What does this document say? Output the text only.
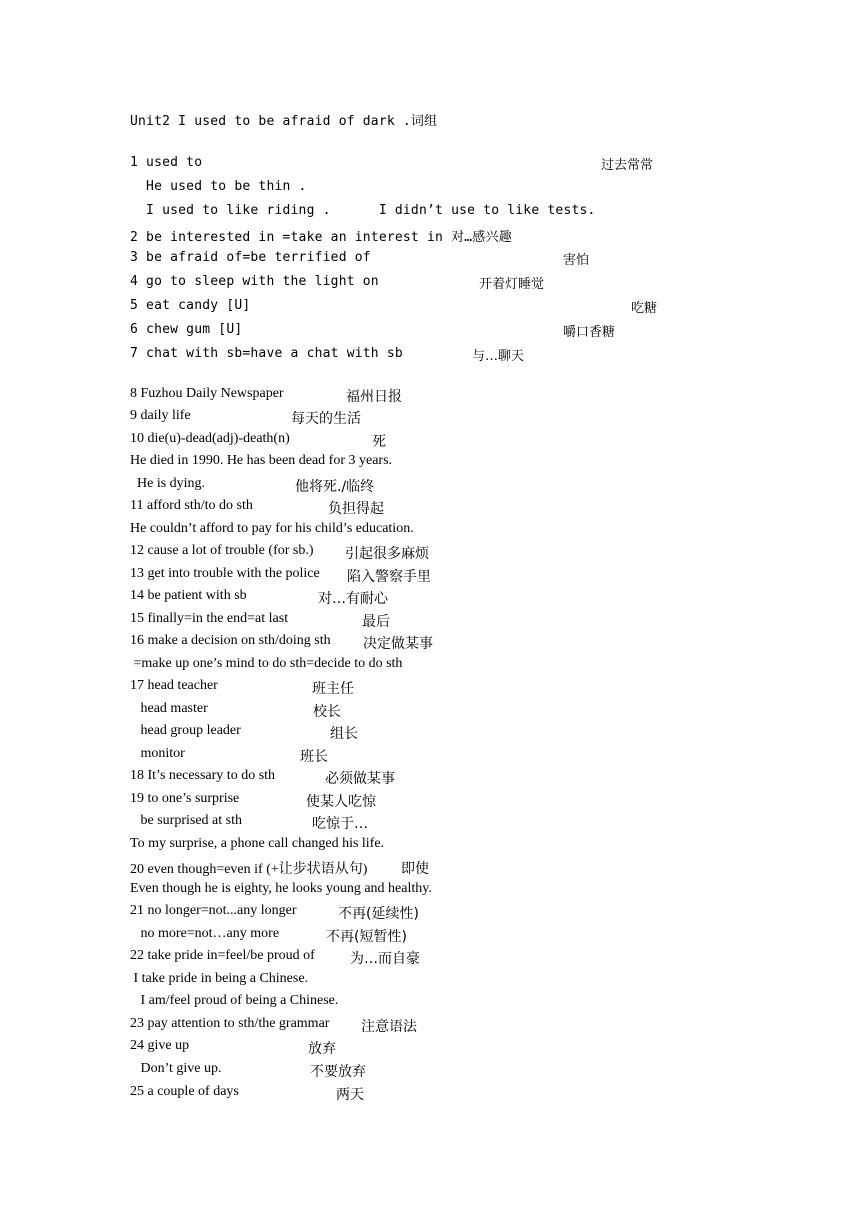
Unit2 I used to be afraid of dark .词组
1 used to	过去常常
He used to be thin .
I used to like riding .      I didn’t use to like tests.
2 be interested in =take an interest in 对…感兴趣
3 be afraid of=be terrified of	害怕
4 go to sleep with the light on	开着灯睡觉
5 eat candy [U]	吃糖
6 chew gum [U]	嚼口香糖
7 chat with sb=have a chat with sb	与…聊天
8 Fuzhou Daily Newspaper	福州日报
9 daily life	每天的生活
10 die(u)-dead(adj)-death(n)	死
He died in 1990. He has been dead for 3 years.
He is dying.	他将死./临终
11 afford sth/to do sth	负担得起
He couldn’t afford to pay for his child’s education.
12 cause a lot of trouble (for sb.) 引起很多麻烦
13 get into trouble with the police 陷入警察手里
14 be patient with sb	对…有耐心
15 finally=in the end=at last	最后
16 make a decision on sth/doing sth 决定做某事
=make up one’s mind to do sth=decide to do sth
17 head teacher	班主任
head master	校长
head group leader	组长
monitor	班长
18 It’s necessary to do sth	必须做某事
19 to one’s surprise	使某人吃惊
be surprised at sth	吃惊于…
To my surprise, a phone call changed his life.
20 even though=even if (+让步状语从句) 即使
Even though he is eighty, he looks young and healthy.
21 no longer=not...any longer	不再(延续性)
no more=not…any more	不再(短暂性)
22 take pride in=feel/be proud of	为…而自豪
I take pride in being a Chinese.
I am/feel proud of being a Chinese.
23 pay attention to sth/the grammar 注意语法
24 give up	放弃
Don’t give up.	不要放弃
25 a couple of days	两天
